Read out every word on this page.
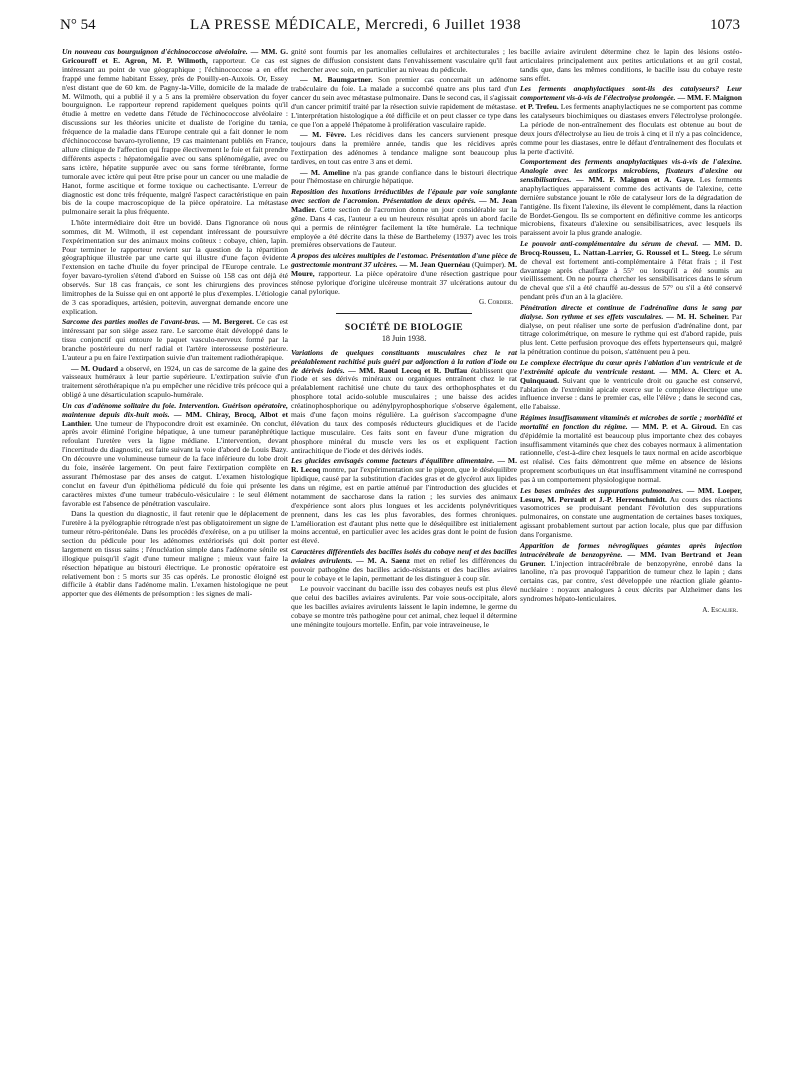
N° 54	LA PRESSE MÉDICALE, Mercredi, 6 Juillet 1938	1073

Un nouveau cas bourguignon d'échinococcose alvéolaire. — MM. G. Gricouroff et E. Agron, M. P. Wilmoth, rapporteur. Ce cas est intéressant au point de vue géographique ; l'échinococcose a en effet frappé une femme habitant Essey, près de Pouilly-en-Auxois. Or, Essey n'est distant que de 60 km. de Pagny-la-Ville, domicile de la malade de M. Wilmoth, qui a publié il y a 5 ans la première observation du foyer bourguignon. Le rapporteur reprend rapidement quelques points qu'il étudie à mettre en vedette dans l'étude de l'échinococcose alvéolaire : discussions sur les théories unicite et dualiste de l'origine du tænia, fréquence de la maladie dans l'Europe centrale qui a fait donner le nom d'échinococcose bavaro-tyrolienne, 19 cas maintenant publiés en France, allure clinique de l'affection qui frappe électivement le foie et fait prendre différents aspects : hépatomégalie avec ou sans splénomégalie, avec ou sans ictère, hépatite suppurée avec ou sans forme térébrante, forme tumorale avec ictère qui peut être prise pour un cancer ou une maladie de Hanot, forme ascitique et forme toxique ou cachectisante. L'erreur de diagnostic est donc très fréquente, malgré l'aspect caractéristique en pain bis de la coupe macroscopique de la pièce opératoire. La métastase pulmonaire serait la plus fréquente.

L'hôte intermédiaire doit être un bovidé. Dans l'ignorance où nous sommes, dit M. Wilmoth, il est cependant intéressant de poursuivre l'expérimentation sur des animaux moins coûteux : cobaye, chien, lapin. Pour terminer le rapporteur revient sur la question de la répartition géographique illustrée par une carte qui illustre d'une façon évidente l'extension en tache d'huile du foyer principal de l'Europe centrale. Le foyer bavaro-tyrolien s'étend d'abord en Suisse où 158 cas ont déjà été observés. Sur 18 cas français, ce sont les chirurgiens des provinces limitrophes de la Suisse qui en ont apporté le plus d'exemples. L'étiologie de 3 cas sporadiques, artésien, poitevin, auvergnat demande encore une explication.

Sarcome des parties molles de l'avant-bras. — M. Bergeret. Ce cas est intéressant par son siège assez rare. Le sarcome était développé dans le tissu conjonctif qui entoure le paquet vasculo-nerveux formé par la branche postérieure du nerf radial et l'artère interosseuse postérieure. L'auteur a pu en faire l'extirpation suivie d'un traitement radiothérapique.

— M. Oudard a observé, en 1924, un cas de sarcome de la gaine des vaisseaux huméraux à leur partie supérieure. L'extirpation suivie d'un traitement sérothérapique n'a pu empêcher une récidive très précoce qui a obligé à une désarticulation scapulo-humérale.

Un cas d'adénome solitaire du foie. Intervention. Guérison opératoire, maintenue depuis dix-huit mois. — MM. Chiray, Brocq, Albot et Lanthier. Une tumeur de l'hypocondre droit est examinée. On conclut, après avoir éliminé l'origine hépatique, à une tumeur paranéphrétique refoulant l'uretère vers la ligne médiane. L'intervention, devant l'incertitude du diagnostic, est faite suivant la voie d'abord de Louis Bazy. On découvre une volumineuse tumeur de la face inférieure du lobe droit du foie, insérée largement. On peut faire l'extirpation complète en assurant l'hémostase par des anses de catgut. L'examen histologique conclut en faveur d'un épithélioma pédiculé du foie qui présente les caractères mixtes d'une tumeur trabéculo-vésiculaire : le seul élément favorable est l'absence de pénétration vasculaire.

Dans la question du diagnostic, il faut retenir que le déplacement de l'uretère à la pyélographie rétrograde n'est pas obligatoirement un signe de tumeur rétro-péritonéale. Dans les procédés d'exérèse, on a pu utiliser la section du pédicule pour les adénomes extériorisés qui doit porter largement en tissus sains ; l'énucléation simple dans l'adénome sénile est illogique puisqu'il s'agit d'une tumeur maligne ; mieux vaut faire la résection hépatique au bistouri électrique. Le pronostic opératoire est relativement bon : 5 morts sur 35 cas opérés. Le pronostic éloigné est difficile à établir dans l'adénome malin. L'examen histologique ne peut apporter que des éléments de présomption : les signes de mali-

gnité sont fournis par les anomalies cellulaires et architecturales ; les signes de diffusion consistent dans l'envahissement vasculaire qu'il faut rechercher avec soin, en particulier au niveau du pédicule.

— M. Baumgartner. Son premier cas concernait un adénome trabéculaire du foie. La malade a succombé quatre ans plus tard d'un cancer du sein avec métastase pulmonaire. Dans le second cas, il s'agissait d'un cancer primitif traité par la résection suivie rapidement de métastase. L'interprétation histologique a été difficile et on peut classer ce type dans ce que l'on a appelé l'hépatome à prolifération vasculaire rapide.

— M. Fèvre. Les récidives dans les cancers survienent presque toujours dans la première année, tandis que les récidives après l'extirpation des adénomes à tendance maligne sont beaucoup plus tardives, en tout cas entre 3 ans et demi.

— M. Ameline n'a pas grande confiance dans le bistouri électrique pour l'hémostase en chirurgie hépatique.

Reposition des luxations irréductibles de l'épaule par voie sanglante avec section de l'acromion. Présentation de deux opérés. — M. Jean Madier. Cette section de l'acromion donne un jour considérable sur la gêne. Dans 4 cas, l'auteur a eu un heureux résultat après un abord facile qui a permis de réintégrer facilement la tête humérale. La technique employée a été décrite dans la thèse de Barthelemy (1937) avec les trois premières observations de l'auteur.

A propos des ulcères multiples de l'estomac. Présentation d'une pièce de gastrectomie montrant 37 ulcères. — M. Jean Quernéau (Quimper). M. Moure, rapporteur. La pièce opératoire d'une résection gastrique pour sténose pylorique d'origine ulcéreuse montrait 37 ulcérations autour du canal pylorique.

G. Cordier.
SOCIÉTÉ DE BIOLOGIE
18 Juin 1938.

Variations de quelques constituants musculaires chez le rat préalablement rachitisé puis guéri par adjonction à la ration d'iode ou de dérivés iodés. — MM. Raoul Lecoq et R. Duffau établissent que l'iode et ses dérivés minéraux ou organiques entraînent chez le rat préalablement rachitisé une chute du taux des orthophosphates et du phosphore total acido-soluble musculaires ; une baisse des acides créatinophosphorique ou adénylpyrophosphorique s'observe également, mais d'une façon moins régulière. La guérison s'accompagne d'une élévation du taux des composés réducteurs glucidiques et de l'acide lactique musculaire. Ces faits sont en faveur d'une migration du phosphore minéral du muscle vers les os et expliquent l'action antirachitique de l'iode et des dérivés iodés.

Les glucides envisagés comme facteurs d'équilibre alimentaire. — M. R. Lecoq montre, par l'expérimentation sur le pigeon, que le déséquilibre lipidique, causé par la substitution d'acides gras et de glycérol aux lipides dans un régime, est en partie atténué par l'introduction des glucides et notamment de saccharose dans la ration ; les survies des animaux d'expérience sont alors plus longues et les accidents polynévritiques prennent, dans les cas les plus favorables, des formes chroniques. L'amélioration est d'autant plus nette que le déséquilibre est initialement moins accentué, en particulier avec les acides gras dont le point de fusion est élevé.

Caractères différentiels des bacilles isolés du cobaye neuf et des bacilles aviaires avirulents. — M. A. Saenz met en relief les différences du pouvoir pathogène des bacilles acido-résistants et des bacilles aviaires pour le cobaye et le lapin, permettant de les distinguer à coup sûr.

Le pouvoir vaccinant du bacille issu des cobayes neufs est plus élevé que celui des bacilles aviaires avirulents. Par voie sous-occipitale, alors que les bacilles aviaires avirulents laissent le lapin indemne, le germe du cobaye se montre très pathogène pour cet animal, chez lequel il détermine une méningite toujours mortelle. Enfin, par voie intraveineuse, le

bacille aviaire avirulent détermine chez le lapin des lésions ostéo-articulaires principalement aux petites articulations et au gril costal, tandis que, dans les mêmes conditions, le bacille issu du cobaye reste sans effet.

Les ferments anaphylactiques sont-ils des catalyseurs? Leur comportement vis-à-vis de l'électrolyse prolongée. — MM. F. Maignon et P. Trefeu. Les ferments anaphylactiques ne se comportent pas comme les catalyseurs biochimiques ou diastases envers l'électrolyse prolongée. La période de non-entraînement des floculats est obtenue au bout de deux jours d'électrolyse au lieu de trois à cinq et il n'y a pas coïncidence, comme pour les diastases, entre le défaut d'entraînement des floculats et la perte d'activité.

Comportement des ferments anaphylactiques vis-à-vis de l'alexine. Analogie avec les anticorps microbiens, fixateurs d'alexine ou sensibilisatrices. — MM. F. Maignon et A. Gaye. Les ferments anaphylactiques apparaissent comme des activants de l'alexine, cette dernière substance jouant le rôle de catalyseur lors de la dégradation de l'antigène. Ils fixent l'alexine, ils élevent le complément, dans la réaction de Bordet-Gengou. Ils se comportent en définitive comme les anticorps microbiens, fixateurs d'alexine ou sensibilisatrices, avec lesquels ils paraissent avoir la plus grande analogie.

Le pouvoir anti-complémentaire du sérum de cheval. — MM. D. Brocq-Rousseu, L. Nattan-Larrier, G. Roussel et L. Steeg. Le sérum de cheval est fortement anti-complémentaire à l'état frais ; il l'est davantage après chauffage à 55° ou lorsqu'il a été soumis au vieillissement. On ne pourra chercher les sensibilisatrices dans le sérum de cheval que s'il a été chauffé au-dessus de 57° ou s'il a été conservé pendant près d'un an à la glacière.

Pénétration directe et continue de l'adrénaline dans le sang par dialyse. Son rythme et ses effets vasculaires. — M. H. Scheiner. Par dialyse, on peut réaliser une sorte de perfusion d'adrénaline dont, par titrage colorimétrique, on mesure le rythme qui est d'abord rapide, puis plus lent. Cette perfusion provoque des effets hypertenseurs qui, malgré la pénétration continue du poison, s'atténuent peu à peu.

Le complexe électrique du cœur après l'ablation d'un ventricule et de l'extrémité apicale du ventricule restant. — MM. A. Clerc et A. Quinquaud. Suivant que le ventricule droit ou gauche est conservé, l'ablation de l'extrémité apicale exerce sur le complexe électrique une influence inverse : dans le premier cas, elle l'élève ; dans le second cas, elle l'abaisse.

Régimes insuffisamment vitaminés et microbes de sortie ; morbidité et mortalité en fonction du régime. — MM. P. et A. Giroud. En cas d'épidémie la mortalité est beaucoup plus importante chez des cobayes insuffisamment vitaminés que chez des cobayes normaux à alimentation rationnelle, c'est-à-dire chez lesquels le taux normal en acide ascorbique est réalisé. Ces faits démontrent que même en absence de lésions proprement scorbutiques un état insuffisamment vitaminé ne correspond pas à un comportement physiologique normal.

Les bases aminées des suppurations pulmonaires. — MM. Loeper, Lesure, M. Perrault et J.-P. Herrenschmidt. Au cours des réactions vasomotrices se produisant pendant l'évolution des suppurations pulmonaires, on constate une augmentation de certaines bases toxiques, agissant probablement surtout par action locale, plus que par diffusion dans l'organisme.

Apparition de formes névrogliques géantes après injection intracérébrale de benzopyrène. — MM. Ivan Bertrand et Jean Gruner. L'injection intracérébrale de benzopyrène, enrobé dans la lanoline, n'a pas provoqué l'apparition de tumeur chez le lapin ; dans certains cas, par contre, s'est développée une réaction gliale géanto-nucléaire : noyaux analogues à ceux décrits par Alzheimer dans les syndromes hépato-lenticulaires.

A. Escalier.
